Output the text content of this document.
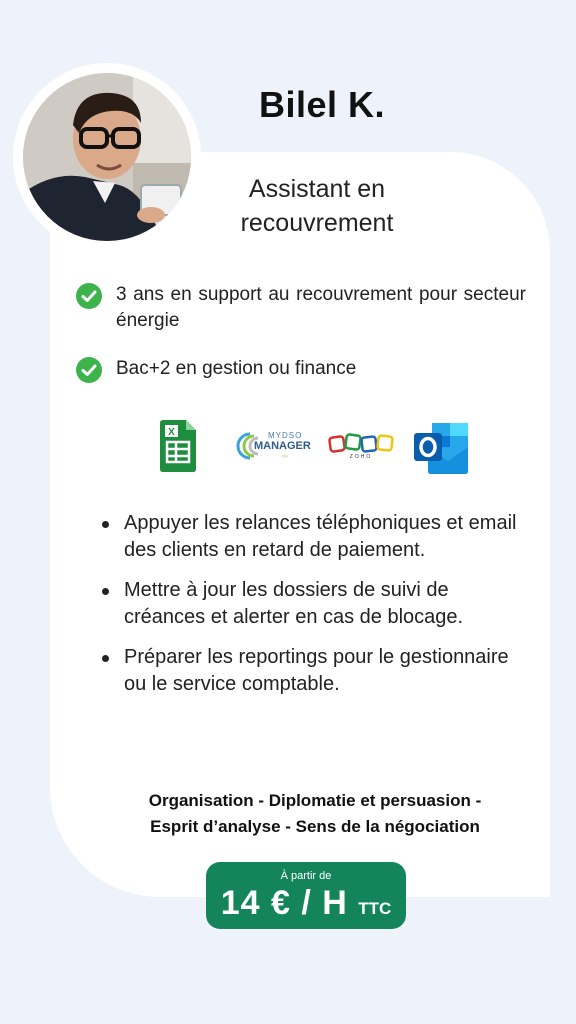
Bilel K.
Assistant en
recouvrement
3 ans en support au recouvrement pour secteur énergie
Bac+2 en gestion ou finance
X	MYDSO
MANAGER
›››	ZOHO
Appuyer les relances téléphoniques et email des clients en retard de paiement.
Mettre à jour les dossiers de suivi de créances et alerter en cas de blocage.
Préparer les reportings pour le gestionnaire ou le service comptable.
Organisation - Diplomatie et persuasion -
Esprit d’analyse - Sens de la négociation
À partir de
14 € / H TTC
